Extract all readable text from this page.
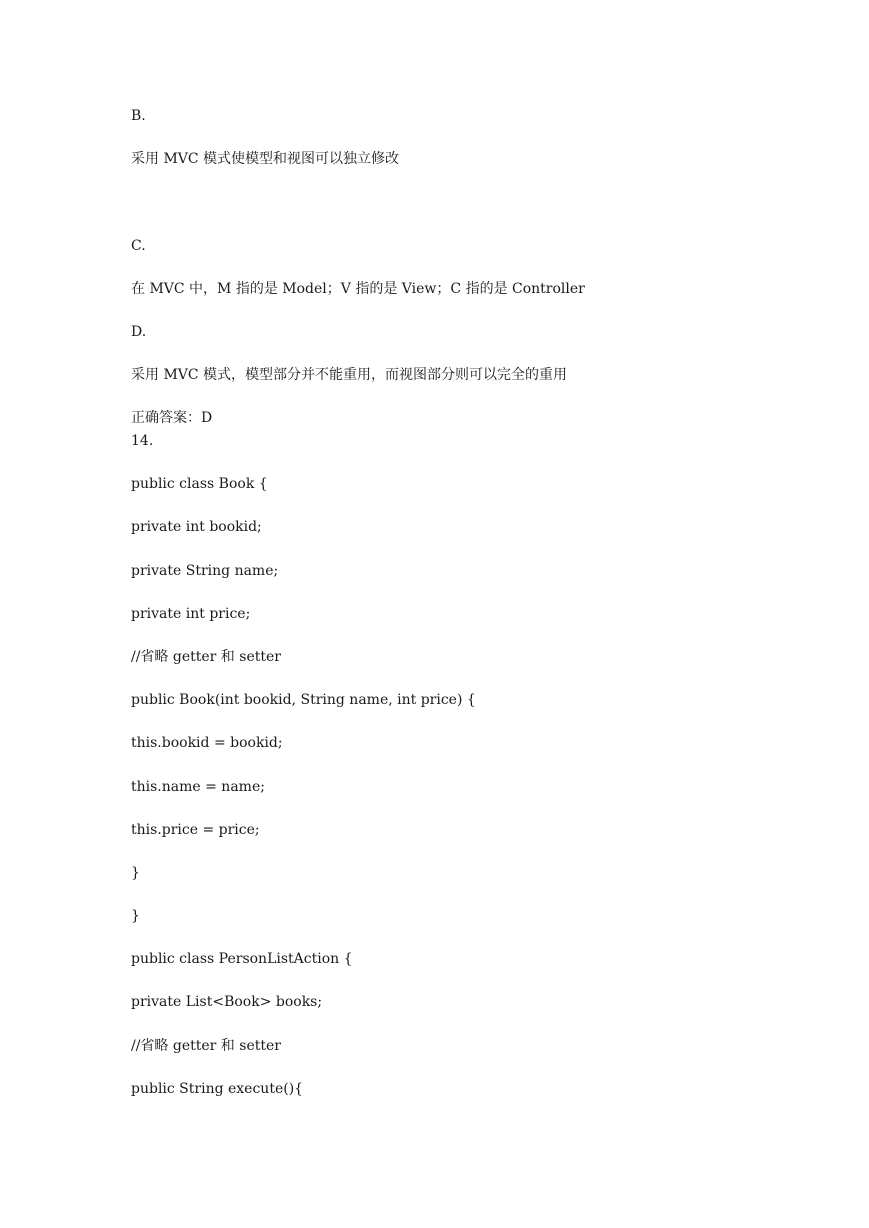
B.
采用 MVC 模式使模型和视图可以独立修改
C.
在 MVC 中，M 指的是 Model；V 指的是 View；C 指的是 Controller
D.
采用 MVC 模式，模型部分并不能重用，而视图部分则可以完全的重用
正确答案：D
14.
public class Book {
private int bookid;
private String name;
private int price;
//省略 getter 和 setter
public Book(int bookid, String name, int price) {
this.bookid = bookid;
this.name = name;
this.price = price;
}
}
public class PersonListAction {
private List<Book> books;
//省略 getter 和 setter
public String execute(){
